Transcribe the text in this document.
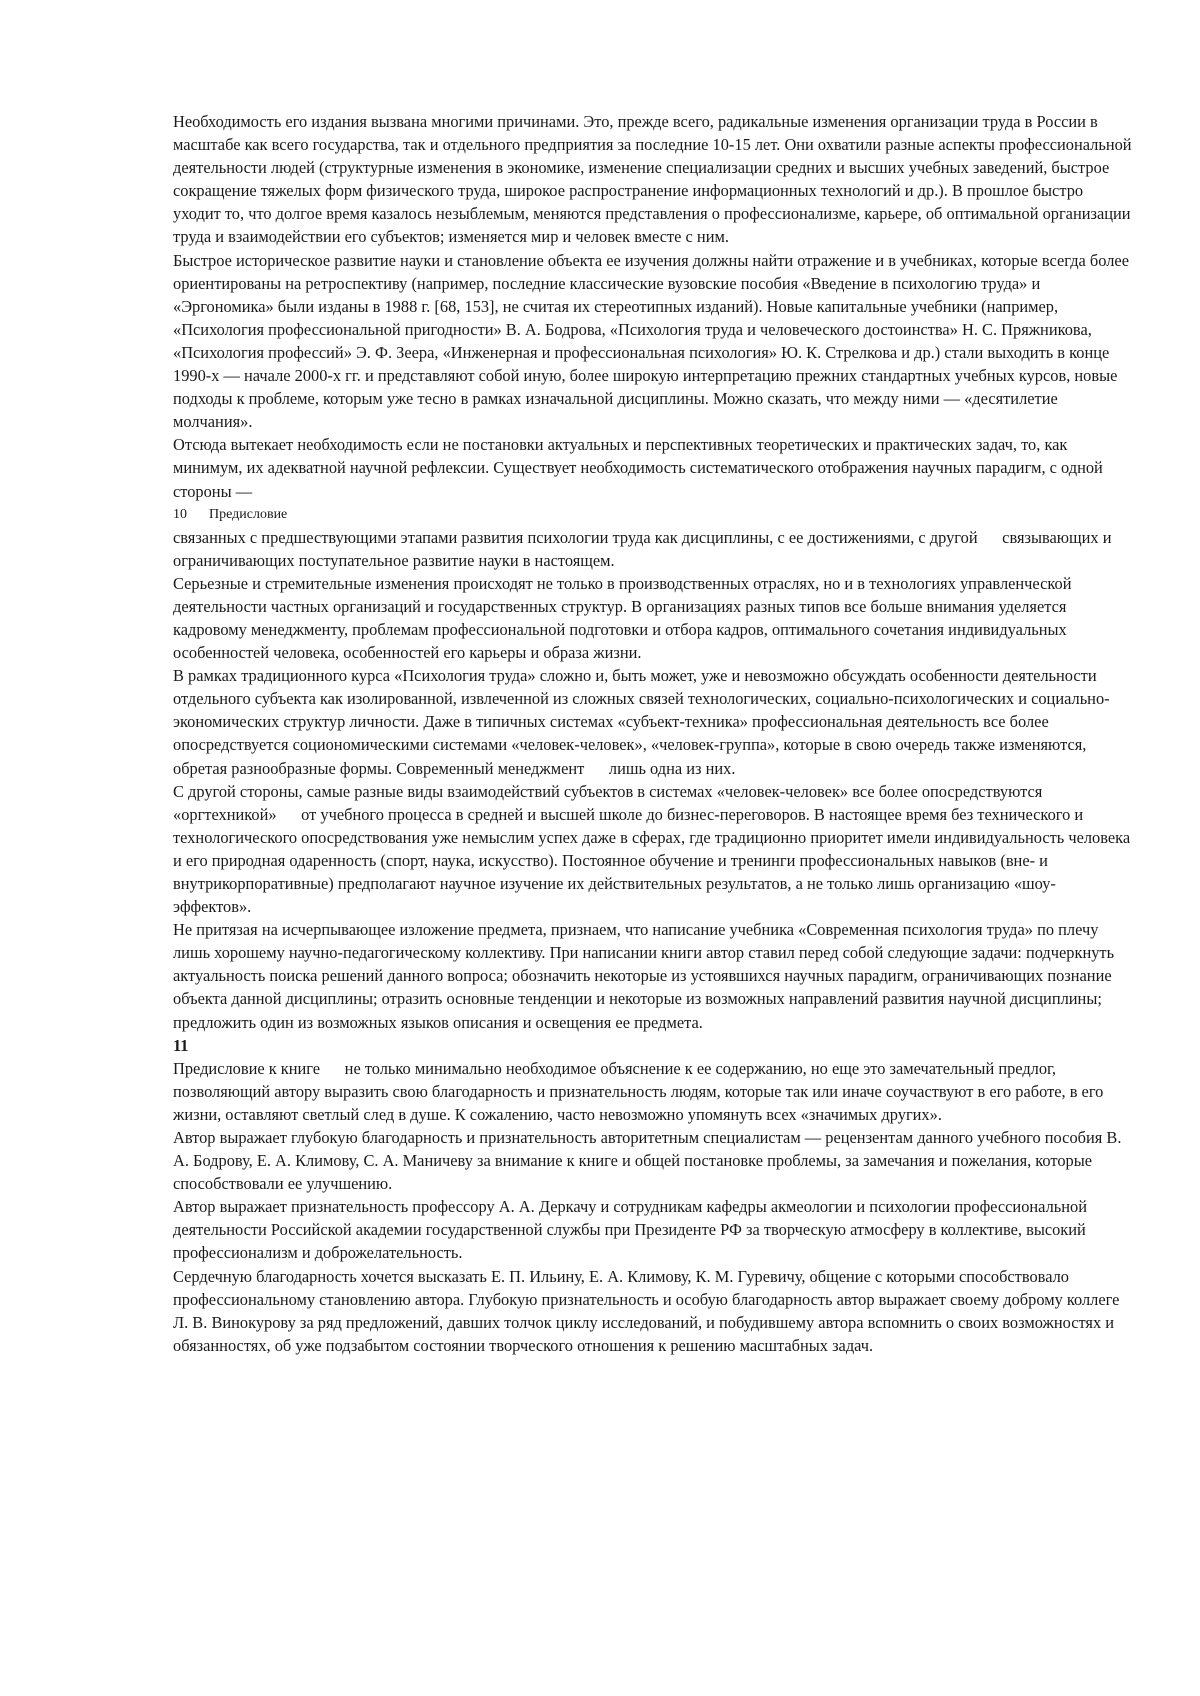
Необходимость его издания вызвана многими причинами. Это, прежде всего, радикальные изменения организации труда в России в масштабе как всего государства, так и отдельного предприятия за последние 10-15 лет. Они охватили разные аспекты профессиональной деятельности людей (структурные изменения в экономике, изменение специализации средних и высших учебных заведений, быстрое сокращение тяжелых форм физического труда, широкое распространение информационных технологий и др.). В прошлое быстро уходит то, что долгое время казалось незыблемым, меняются представления о профессионализме, карьере, об оптимальной организации труда и взаимодействии его субъектов; изменяется мир и человек вместе с ним.

Быстрое историческое развитие науки и становление объекта ее изучения должны найти отражение и в учебниках, которые всегда более ориентированы на ретроспективу (например, последние классические вузовские пособия «Введение в психологию труда» и «Эргономика» были изданы в 1988 г. [68, 153], не считая их стереотипных изданий). Новые капитальные учебники (например, «Психология профессиональной пригодности» В. А. Бодрова, «Психология труда и человеческого достоинства» Н. С. Пряжникова, «Психология профессий» Э. Ф. Зеера, «Инженерная и профессиональная психология» Ю. К. Стрелкова и др.) стали выходить в конце 1990-х — начале 2000-х гг. и представляют собой иную, более широкую интерпретацию прежних стандартных учебных курсов, новые подходы к проблеме, которым уже тесно в рамках изначальной дисциплины. Можно сказать, что между ними — «десятилетие молчания».

Отсюда вытекает необходимость если не постановки актуальных и перспективных теоретических и практических задач, то, как минимум, их адекватной научной рефлексии. Существует необходимость систематического отображения научных парадигм, с одной стороны —

10 Предисловие

связанных с предшествующими этапами развития психологии труда как дисциплины, с ее достижениями, с другой      связывающих и ограничивающих поступательное развитие науки в настоящем.

Серьезные и стремительные изменения происходят не только в производственных отраслях, но и в технологиях управленческой деятельности частных организаций и государственных структур. В организациях разных типов все больше внимания уделяется кадровому менеджменту, проблемам профессиональной подготовки и отбора кадров, оптимального сочетания индивидуальных особенностей человека, особенностей его карьеры и образа жизни.

В рамках традиционного курса «Психология труда» сложно и, быть может, уже и невозможно обсуждать особенности деятельности отдельного субъекта как изолированной, извлеченной из сложных связей технологических, социально-психологических и социально-экономических структур личности. Даже в типичных системах «субъект-техника» профессиональная деятельность все более опосредствуется социономическими системами «человек-человек», «человек-группа», которые в свою очередь также изменяются, обретая разнообразные формы. Современный менеджмент      лишь одна из них.

С другой стороны, самые разные виды взаимодействий субъектов в системах «человек-человек» все более опосредствуются «оргтехникой»      от учебного процесса в средней и высшей школе до бизнес-переговоров. В настоящее время без технического и технологического опосредствования уже немыслим успех даже в сферах, где традиционно приоритет имели индивидуальность человека и его природная одаренность (спорт, наука, искусство). Постоянное обучение и тренинги профессиональных навыков (вне- и внутрикорпоративные) предполагают научное изучение их действительных результатов, а не только лишь организацию «шоу-эффектов».

Не притязая на исчерпывающее изложение предмета, признаем, что написание учебника «Современная психология труда» по плечу лишь хорошему научно-педагогическому коллективу. При написании книги автор ставил перед собой следующие задачи: подчеркнуть актуальность поиска решений данного вопроса; обозначить некоторые из устоявшихся научных парадигм, ограничивающих познание объекта данной дисциплины; отразить основные тенденции и некоторые из возможных направлений развития научной дисциплины; предложить один из возможных языков описания и освещения ее предмета.

11

Предисловие к книге      не только минимально необходимое объяснение к ее содержанию, но еще это замечательный предлог, позволяющий автору выразить свою благодарность и признательность людям, которые так или иначе соучаствуют в его работе, в его жизни, оставляют светлый след в душе. К сожалению, часто невозможно упомянуть всех «значимых других».

Автор выражает глубокую благодарность и признательность авторитетным специалистам — рецензентам данного учебного пособия В. А. Бодрову, Е. А. Климову, С. А. Маничеву за внимание к книге и общей постановке проблемы, за замечания и пожелания, которые способствовали ее улучшению.

Автор выражает признательность профессору А. А. Деркачу и сотрудникам кафедры акмеологии и психологии профессиональной деятельности Российской академии государственной службы при Президенте РФ за творческую атмосферу в коллективе, высокий профессионализм и доброжелательность.

Сердечную благодарность хочется высказать Е. П. Ильину, Е. А. Климову, К. М. Гуревичу, общение с которыми способствовало профессиональному становлению автора. Глубокую признательность и особую благодарность автор выражает своему доброму коллеге Л. В. Винокурову за ряд предложений, давших толчок циклу исследований, и побудившему автора вспомнить о своих возможностях и обязанностях, об уже подзабытом состоянии творческого отношения к решению масштабных задач.
